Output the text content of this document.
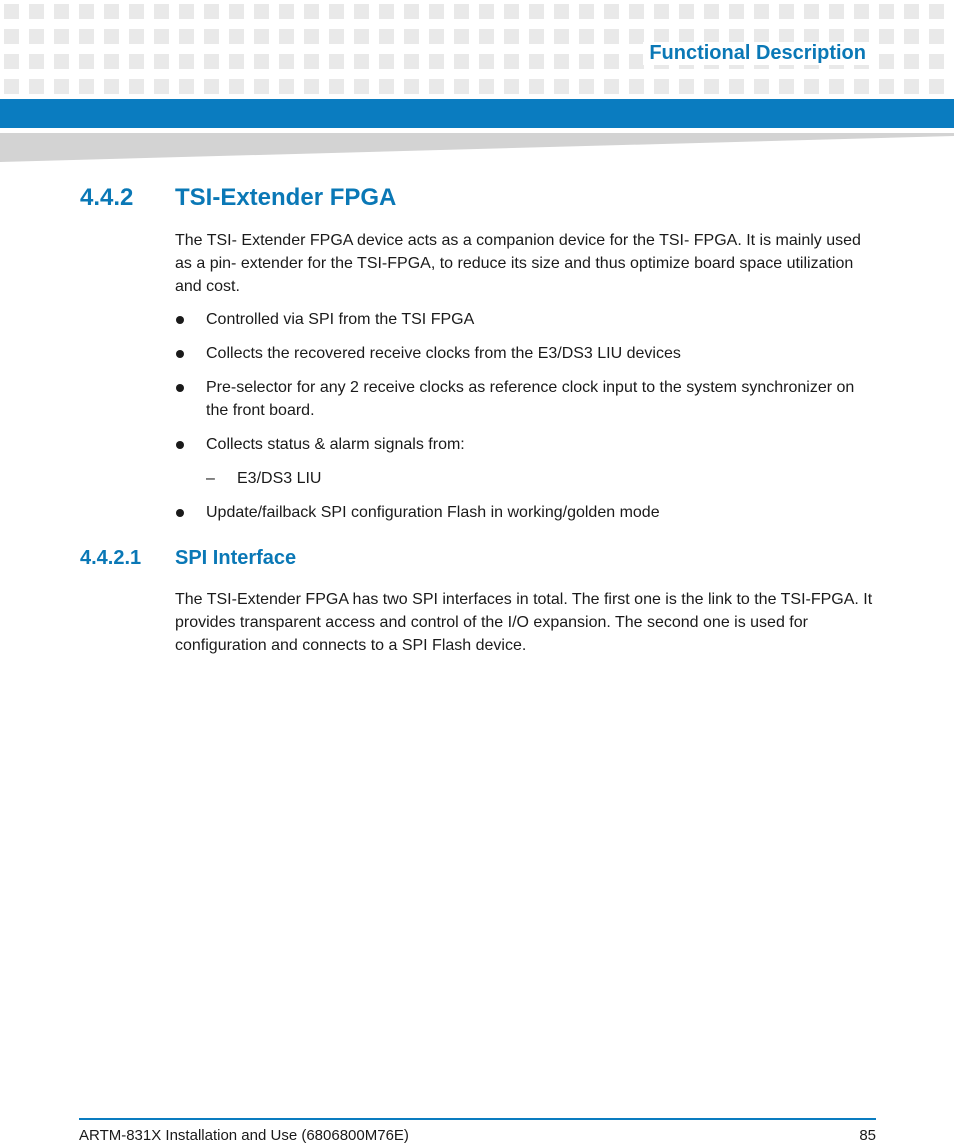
Functional Description
4.4.2 TSI-Extender FPGA

The TSI- Extender FPGA device acts as a companion device for the TSI- FPGA. It is mainly used as a pin- extender for the TSI-FPGA, to reduce its size and thus optimize board space utilization and cost.

Controlled via SPI from the TSI FPGA
Collects the recovered receive clocks from the E3/DS3 LIU devices
Pre-selector for any 2 receive clocks as reference clock input to the system synchronizer on the front board.
Collects status & alarm signals from:
– E3/DS3 LIU
Update/failback SPI configuration Flash in working/golden mode
4.4.2.1 SPI Interface

The TSI-Extender FPGA has two SPI interfaces in total. The first one is the link to the TSI-FPGA. It provides transparent access and control of the I/O expansion. The second one is used for configuration and connects to a SPI Flash device.

ARTM-831X Installation and Use (6806800M76E)	85
